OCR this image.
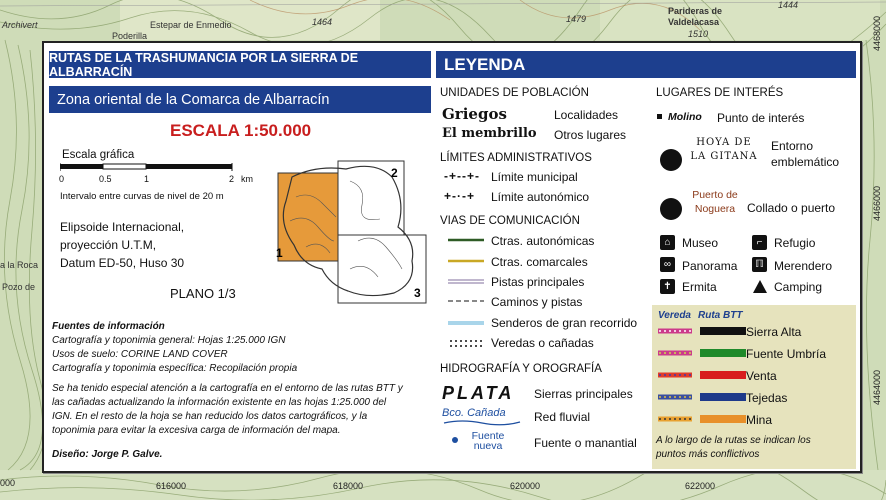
Archivert	Estepar de Enmedio
Poderilla
1464	1479
Parideras de
Valdelacasa
1510
1444
a la Roca
Pozo de
000	616000	618000	620000	622000
4468000
4466000
4464000
RUTAS DE LA TRASHUMANCIA POR LA SIERRA DE ALBARRACÍN
Zona oriental de la Comarca de Albarracín
LEYENDA
ESCALA 1:50.000
Escala gráfica
0	0.5	1	2 km
Intervalo entre curvas de nivel de 20 m
Elipsoide Internacional,
proyección U.T.M,
Datum ED-50, Huso 30
PLANO 1/3
1
2
3
Fuentes de información
Cartografía y toponimia general: Hojas 1:25.000 IGN
Usos de suelo: CORINE LAND COVER
Cartografía y toponimia específica: Recopilación propia
Se ha tenido especial atención a la cartografía en el entorno de las rutas BTT y
las cañadas actualizando la información existente en las hojas 1:25.000 del
IGN. En el resto de la hoja se han reducido los datos cartográficos, y la
toponimia para evitar la excesiva carga de información del mapa.
Diseño: Jorge P. Galve.
UNIDADES DE POBLACIÓN
Griegos	Localidades
El membrillo Otros lugares
LÍMITES ADMINISTRATIVOS
-+--+- Límite municipal
+-·-+ Límite autonómico
VIAS DE COMUNICACIÓN
Ctras. autonómicas
Ctras. comarcales
Pistas principales
Caminos y pistas
Senderos de gran recorrido
Veredas o cañadas
HIDROGRAFÍA Y OROGRAFÍA
PLATA Sierras principales
Bco. Cañada Red fluvial
Fuente nueva	Fuente o manantial
LUGARES DE INTERÉS
Molino Punto de interés
HOYA DE
LA GITANA
Entorno
emblemático
Puerto de
Noguera Collado o puerto
⌂ Museo	⌐ Refugio
∞ Panorama	ℿ Merendero
✝ Ermita	Camping
Vereda Ruta BTT
Sierra Alta
Fuente Umbría
Venta
Tejedas
Mina
A lo largo de la rutas se indican los
puntos más conflictivos
